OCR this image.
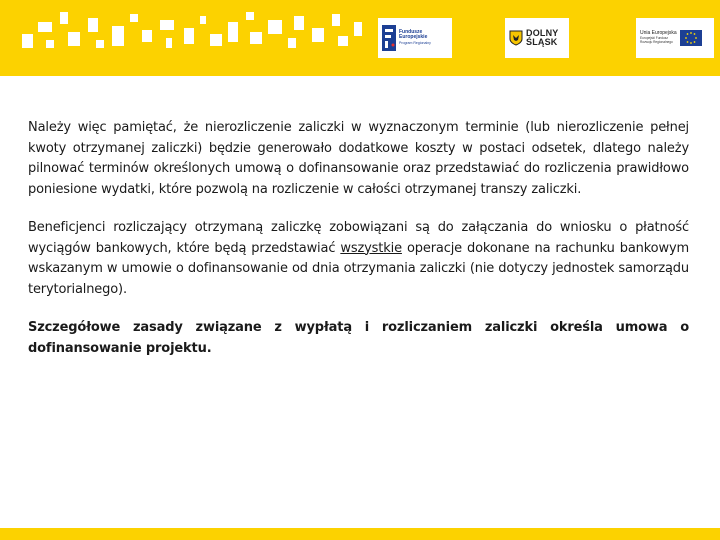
Fundusze
Europejskie
Program Regionalny
DOLNY
ŚLĄSK
Unia Europejska
Europejski Fundusz
Rozwoju Regionalnego

Należy więc pamiętać, że nierozliczenie zaliczki w wyznaczonym terminie (lub nierozliczenie pełnej kwoty otrzymanej zaliczki) będzie generowało dodatkowe koszty w postaci odsetek, dlatego należy pilnować terminów określonych umową o dofinansowanie oraz przedstawiać do rozliczenia prawidłowo poniesione wydatki, które pozwolą na rozliczenie w całości otrzymanej transzy zaliczki.

Beneficjenci rozliczający otrzymaną zaliczkę zobowiązani są do załączania do wniosku o płatność wyciągów bankowych, które będą przedstawiać wszystkie operacje dokonane na rachunku bankowym wskazanym w umowie o dofinansowanie od dnia otrzymania zaliczki (nie dotyczy jednostek samorządu terytorialnego).

Szczegółowe zasady związane z wypłatą i rozliczaniem zaliczki określa umowa o dofinansowanie projektu.
